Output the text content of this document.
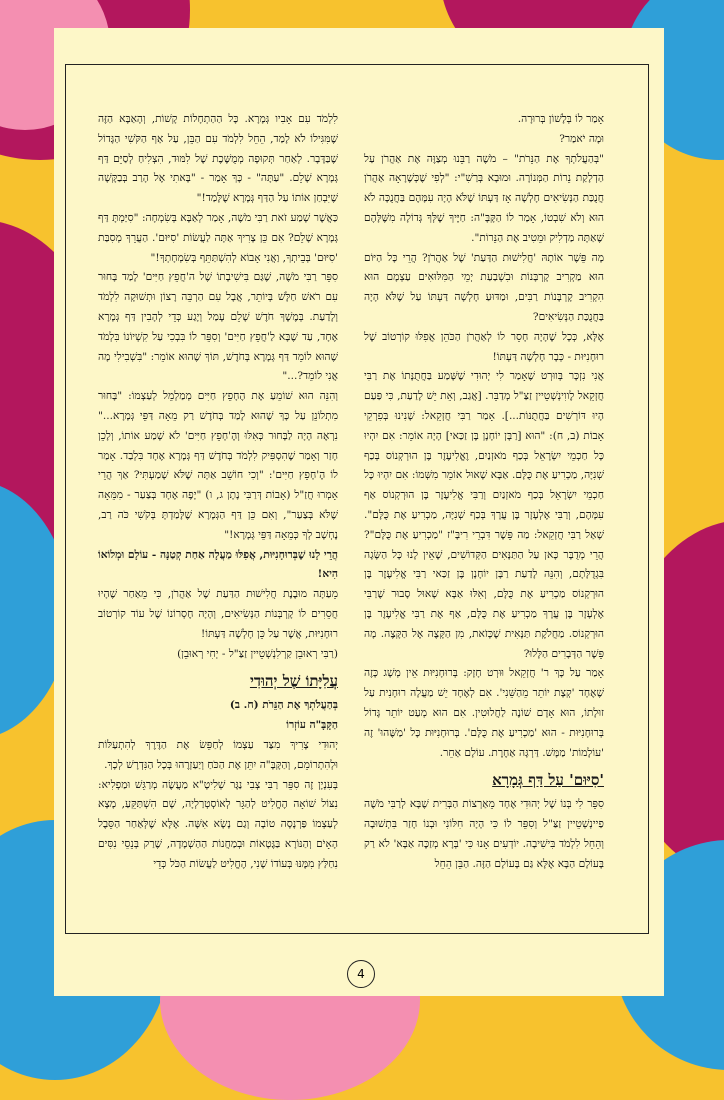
אָמַר לוֹ בְּלָשׁוֹן בְּרוּרָה.

וּמָה יֹאמַר?

"בְּהַעֲלֹתְךָ אֶת הַנֵּרֹת" – מֹשֶׁה רַבֵּנוּ מְצַוֶּה אֶת אַהֲרֹן עַל הַדְלָקַת נֵרוֹת הַמְּנוֹרָה. וּמוּבָא בְּרַשִׁ"י: "לְפִי שֶׁכְּשֶׁרָאָה אַהֲרֹן חֲנֻכַּת הַנְּשִׂיאִים חָלְשָׁה אָז דַּעְתּוֹ שֶׁלֹּא הָיָה עִמָּהֶם בַּחֲנֻכָּה לֹא הוּא וְלֹא שִׁבְטוֹ, אָמַר לוֹ הַקָּבָּ"ה: חַיֶּיךָ שֶׁלְּךָ גְּדוֹלָה מִשֶּׁלָּהֶם שֶׁאַתָּה מַדְלִיק וּמֵטִיב אֶת הַנֵּרוֹת".

מָה פֵּשֶׁר אוֹתָהּ 'חֲלִישׁוּת הַדַּעַת' שֶׁל אַהֲרֹן? הֲרֵי כָּל הַיּוֹם הוּא מַקְרִיב קָרְבָּנוֹת וּבִשְׁבַעַת יְמֵי הַמִּלּוּאִים עַצְמָם הוּא הִקְרִיב קָרְבָּנוֹת רַבִּים, וּמַדּוּעַ חָלְשָׁה דַּעְתּוֹ עַל שֶׁלֹּא הָיָה בַּחֲנֻכַּת הַנְּשִׂיאִים?

אֶלָּא, כְּכָל שֶׁהָיָה חָסֵר לוֹ לְאַהֲרֹן הַכֹּהֵן אֲפִלּוּ קוֹרְטוֹב שֶׁל רוּחָנִיּוּת - כְּבָר חָלְשָׁה דַּעְתּוֹ!

אֲנִי נִזְכָּר בְּווּרְט שֶׁאָמַר לִי יְהוּדִי שֶׁשָּׁמַע בַּחֲתֻנָּתוֹ אֶת רַבִּי חֲזְקֵאל לֶווִינְשְׁטֵיין זַצַּ"ל מְדַבֵּר. [אֲגַב, וְאֵת יֵשׁ לָדַעַת, כִּי פַּעַם הָיוּ דּוֹרְשִׁים בַּחֲתֻנּוֹת...]. אָמַר רַבִּי חֲזְקֵאל: שָׁנִינוּ בְּפִרְקֵי אָבוֹת (ב, ח): "הוּא [רַבָּן יוֹחָנָן בֶּן זַכַּאי] הָיָה אוֹמֵר: אִם יִהְיוּ כָּל חַכְמֵי יִשְׂרָאֵל בְּכַף מֹאזְנַיִם, וֶאֱלִיעֶזֶר בֶּן הוּרְקְנוֹס בְּכַף שְׁנִיָּה, מַכְרִיעַ אֶת כֻּלָּם. אַבָּא שָׁאוּל אוֹמֵר מִשְּׁמוֹ: אִם יִהְיוּ כָּל חַכְמֵי יִשְׂרָאֵל בְּכַף מֹאזְנַיִם וְרַבִּי אֱלִיעֶזֶר בֶּן הוּרְקְנוֹס אַף עִמָּהֶם, וְרַבִּי אֶלְעָזָר בֶּן עֲרָךְ בְּכַף שְׁנִיָּה, מַכְרִיעַ אֶת כֻּלָּם". שָׁאַל רַבִּי חֲזְקֵאל: מַה פֵּשֶׁר דִּבְרֵי רִיבָּ"ז "מַכְרִיעַ אֶת כֻּלָּם"? הֲרֵי מְדֻבָּר כָּאן עַל הַתַּנָּאִים הַקְּדוֹשִׁים, שֶׁאֵין לָנוּ כָּל הַשָּׂגָה בִּגְדֻלָּתָם, וְהִנֵּה לָדַעַת רַבָּן יוֹחָנָן בֶּן זַכַּאי רַבִּי אֱלִיעֶזֶר בֶּן הוּרְקְנוֹס מַכְרִיעַ אֶת כֻּלָּם, וְאִלּוּ אַבָּא שָׁאוּל סָבוּר שֶׁרַבִּי אֶלְעָזָר בֶּן עֲרָךְ מַכְרִיעַ אֶת כֻּלָּם, אַף אֶת רַבִּי אֱלִיעֶזֶר בֶּן הוּרְקְנוֹס. מַחֲלֹקֶת תַּנָּאִית שֶׁכָּזֹאת, מִן הַקָּצֶה אֶל הַקָּצֶה. מָה פֵּשֶׁר הַדְּבָרִים הַלָּלוּ?

אָמַר עַל כָּךְ ר' חֲזְקֵאל וּוּרְט חָזָק: בְּרוּחָנִיּוּת אֵין מְשָׁג כָּזֶה שֶׁאֶחָד 'קְצָת יוֹתֵר מֵהַשֵּׁנִי'. אִם לְאֶחָד יֵשׁ מַעֲלָה רוּחָנִית עַל זוּלָתוֹ, הוּא אָדָם שׁוֹנֶה לַחֲלוּטִין. אִם הוּא מְעַט יוֹתֵר גָּדוֹל בְּרוּחָנִיּוּת - הוּא 'מַכְרִיעַ אֶת כֻּלָּם'. בְּרוּחָנִיּוּת כָּל 'מַשֶּׁהוּ' זֶה 'עוֹלָמוֹת' מַמָּשׁ. דַּרְגָּה אַחֶרֶת. עוֹלָם אַחֵר.

'סִיּוּם' עַל דַּף גְּמָרָא

סִפֵּר לִי בְּנוֹ שֶׁל יְהוּדִי אֶחָד מֵאַרְצוֹת הַבְּרִית שֶׁבָּא לְרַבִּי מֹשֶׁה פַיינְשְׁטֵיין זַצַּ"ל וְסִפֵּר לוֹ כִּי הָיָה חִלּוֹנִי וּבְנוֹ חָזַר בִּתְשׁוּבָה וְהֵחֵל לִלְמֹד בִּישִׁיבָה. יוֹדְעִים אָנוּ כִּי 'בְּרָא מְזַכֶּה אַבָּא' לֹא רַק בָּעוֹלָם הַבָּא אֶלָּא גַּם בָּעוֹלָם הַזֶּה. הַבֵּן הֵחֵל

לִלְמֹד עִם אָבִיו גְּמָרָא. כָּל הַהַתְחָלוֹת קָשׁוֹת, וְהָאַבָּא הַזֶּה שֶׁמִּגִּילוֹ לֹא לָמַד, הֵחֵל לִלְמֹד עִם הַבֵּן, עַל אַף הַקֹּשִׁי הַגָּדוֹל שֶׁבַּדָּבָר. לְאַחַר תְּקוּפָה מְמֻשֶּׁכֶת שֶׁל לִמּוּד, הִצְלִיחַ לְסַיֵּם דַּף גְּמָרָא שָׁלֵם. "עַתָּה" - כָּךְ אָמַר - "בָּאתִי אֶל הָרַב בְּבַקָּשָׁה שֶׁיִּבְחַן אוֹתוֹ עַל הַדַּף גְּמָרָא שֶׁלָּמַד!"

כַּאֲשֶׁר שָׁמַע זֹאת רַבִּי מֹשֶׁה, אָמַר לְאַבָּא בְּשִׂמְחָה: "סִיַּמְתָּ דַּף גְּמָרָא שָׁלֵם? אִם כֵּן צָרִיךְ אַתָּה לַעֲשׂוֹת 'סִיּוּם'. הַעֲרֵךְ מְסִבַּת 'סִיּוּם' בְּבֵיתְךָ, וַאֲנִי אָבוֹא לְהִשְׁתַּתֵּף בְּשִׂמְחָתְךָ!"

סִפֵּר רַבִּי מֹשֶׁה, שֶׁגַּם בִּישִׁיבָתוֹ שֶׁל ה'חֲפֵץ חַיִּים' לָמַד בָּחוּר עִם רֹאשׁ חַלָּשׁ בְּיוֹתֵר, אֲבָל עִם הַרְבֵּה רָצוֹן וּתְשׁוּקָה לִלְמֹד וְלָדַעַת. בְּמֶשֶׁךְ חֹדֶשׁ שָׁלֵם עָמַל וְיָגַע כְּדֵי לְהָבִין דַּף גְּמָרָא אֶחָד, עַד שֶׁבָּא לַ'חֲפֵץ חַיִּים' וְסִפֵּר לוֹ בִּבְכִי עַל קִשְׁיוֹנוֹ בִּלְמֹד שֶׁהוּא לוֹמֵד דַּף גְּמָרָא בְּחֹדֶשׁ, תּוֹךְ שֶׁהוּא אוֹמֵר: "בִּשְׁבִילִי מָה אֲנִי לוֹמֵד?..."

וְהִנֵּה הוּא שׁוֹמֵעַ אֶת הֶחָפֵץ חַיִּים מְמַלְמֵל לְעַצְמוֹ: "בָּחוּר מִתְלוֹנֵן עַל כָּךְ שֶׁהוּא לָמַד בְּחֹדֶשׁ רַק מֵאָה דַּפֵּי גְּמָרָא..." נִרְאֶה הָיָה לַבָּחוּר כְּאִלּוּ וְהֶ'חָפֵץ חַיִּים' לֹא שָׁמַע אוֹתוֹ, וְלָכֵן חָזַר וְאָמַר שֶׁהִסְפִּיק לִלְמֹד בְּחֹדֶשׁ דַּף גְּמָרָא אֶחָד בִּלְבַד. אָמַר לוֹ הֶ'חָפֵץ חַיִּים': "וְכִי חוֹשֵׁב אַתָּה שֶׁלֹּא שָׁמַעְתִּי? אַךְ הֲרֵי אָמְרוּ חֲזַ"ל (אָבוֹת דְּרַבִּי נָתָן ג, ו) "יָפֶה אֶחָד בְּצַעַר - מִמֵּאָה שֶׁלֹּא בְּצַעַר", וְאִם כֵּן דַּף הַגְּמָרָא שֶׁלָּמַדְתָּ בְּקֹשִׁי כֹּה רַב, נֶחְשָׁב לְךָ כְּמֵאָה דַּפֵּי גְּמָרָא!"

הֲרֵי לָנוּ שֶׁבְּרוּחָנִיּוּת, אֲפִלּוּ מַעֲלָה אַחַת קְטַנָּה - עוֹלָם וּמְלוֹאוֹ הִיא!

מֵעַתָּה מוּבֶנֶת חֲלִישׁוּת הַדַּעַת שֶׁל אַהֲרֹן, כִּי מֵאַחַר שֶׁהָיוּ חֲסֵרִים לוֹ קָרְבְּנוֹת הַנְּשִׂיאִים, וְהָיָה חֶסְרוֹנוֹ שֶׁל עוֹד קוֹרְטוֹב רוּחָנִיּוּת, אֲשֶׁר עַל כֵּן חָלְשָׁה דַּעְתּוֹ!

(רַבִּי רְאוּבֵן קַרְלִנְשְׁטֵיין זַצַּ"ל - יְחִי רְאוּבֵן)

עֲלִיָּתוֹ שֶׁל יְהוּדִי

בְּהַעֲלֹתְךָ אֶת הַנֵּרֹת (ח. ב)

הַקָּבָּ"ה עוֹזְרוֹ

יְהוּדִי צָרִיךְ מִצַּד עַצְמוֹ לְחַפֵּשׂ אֶת הַדֶּרֶךְ לְהִתְעַלּוֹת וּלְהִתְרוֹמֵם, וְהַקָּבָּ"ה יִתֵּן אֶת הַכֹּחַ וְיַעַזְרֶהוּ בְּכָל הַנִּדְרָשׁ לְכָךְ.

בְּעִנְיָן זֶה סִפֵּר רַבִּי צְבִי נַגָּר שְׁלִיטָ"א מַעֲשֶׂה מְרַגֵּשׁ וּמַפְלִיא: נִצּוֹל שׁוֹאָה הֶחֱלִיט לְהַגֵּר לְאוֹסְטְרַלְיָה, שָׁם הִשְׁתַּקֵּעַ, מָצָא לְעַצְמוֹ פַּרְנָסָה טוֹבָה וְגַם נָשָׂא אִשָּׁה. אֶלָּא שֶׁלְּאַחַר הַסֵּבֶל הָאָיֹם וְהַנּוֹרָא בַּגֶּטָאוֹת וּבְמַחֲנוֹת הַהַשְׁמָדָה, שֶׁרַק בְּנֵסֵי נִסִּים נִחַלַּץ מִמֶּנּוּ בְּעוֹדוֹ שָׁנִי, הֶחֱלִיט לַעֲשׂוֹת הַכֹּל כְּדֵי

4
